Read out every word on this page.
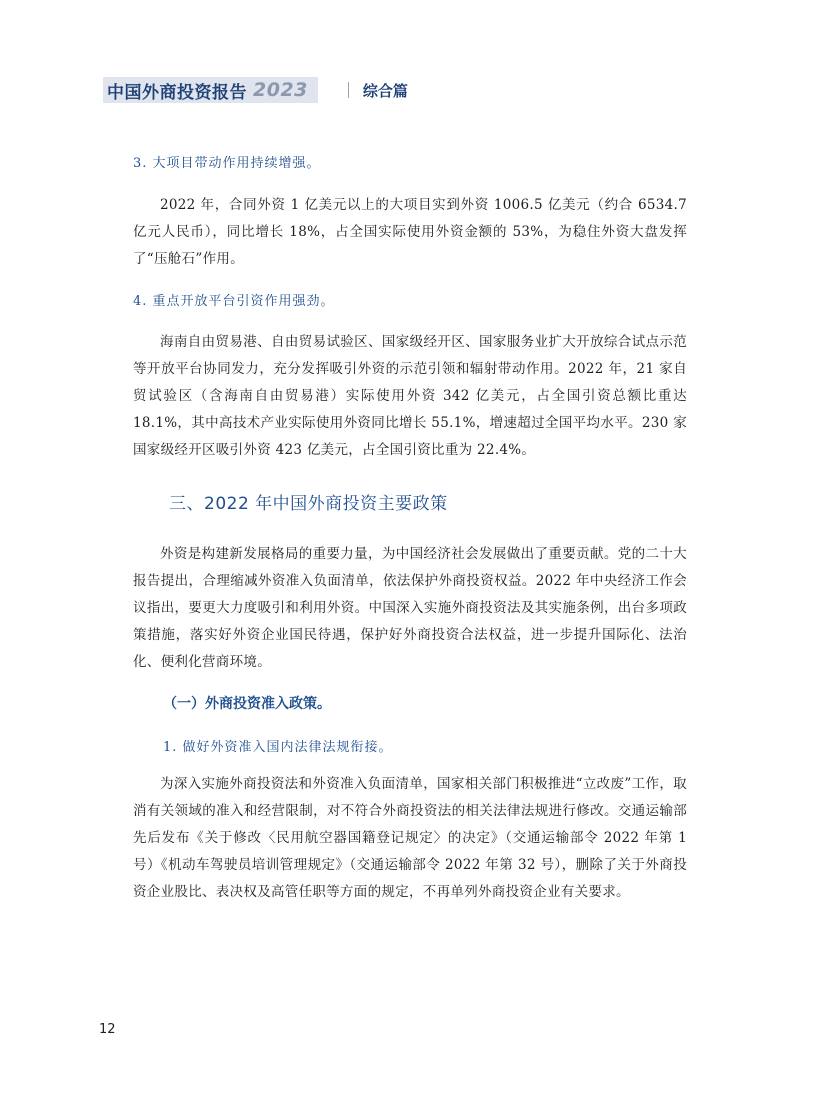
中国外商投资报告 2023	综合篇
3. 大项目带动作用持续增强。

2022 年，合同外资 1 亿美元以上的大项目实到外资 1006.5 亿美元（约合 6534.7 亿元人民币），同比增长 18%，占全国实际使用外资金额的 53%，为稳住外资大盘发挥了“压舱石”作用。

4. 重点开放平台引资作用强劲。

海南自由贸易港、自由贸易试验区、国家级经开区、国家服务业扩大开放综合试点示范等开放平台协同发力，充分发挥吸引外资的示范引领和辐射带动作用。2022 年，21 家自贸试验区（含海南自由贸易港）实际使用外资 342 亿美元，占全国引资总额比重达 18.1%，其中高技术产业实际使用外资同比增长 55.1%，增速超过全国平均水平。230 家国家级经开区吸引外资 423 亿美元，占全国引资比重为 22.4%。

三、2022 年中国外商投资主要政策

外资是构建新发展格局的重要力量，为中国经济社会发展做出了重要贡献。党的二十大报告提出，合理缩减外资准入负面清单，依法保护外商投资权益。2022 年中央经济工作会议指出，要更大力度吸引和利用外资。中国深入实施外商投资法及其实施条例，出台多项政策措施，落实好外资企业国民待遇，保护好外商投资合法权益，进一步提升国际化、法治化、便利化营商环境。

（一）外商投资准入政策。
1. 做好外资准入国内法律法规衔接。

为深入实施外商投资法和外资准入负面清单，国家相关部门积极推进“立改废”工作，取消有关领域的准入和经营限制，对不符合外商投资法的相关法律法规进行修改。交通运输部先后发布《关于修改〈民用航空器国籍登记规定〉的决定》（交通运输部令 2022 年第 1 号）《机动车驾驶员培训管理规定》（交通运输部令 2022 年第 32 号），删除了关于外商投资企业股比、表决权及高管任职等方面的规定，不再单列外商投资企业有关要求。

12
